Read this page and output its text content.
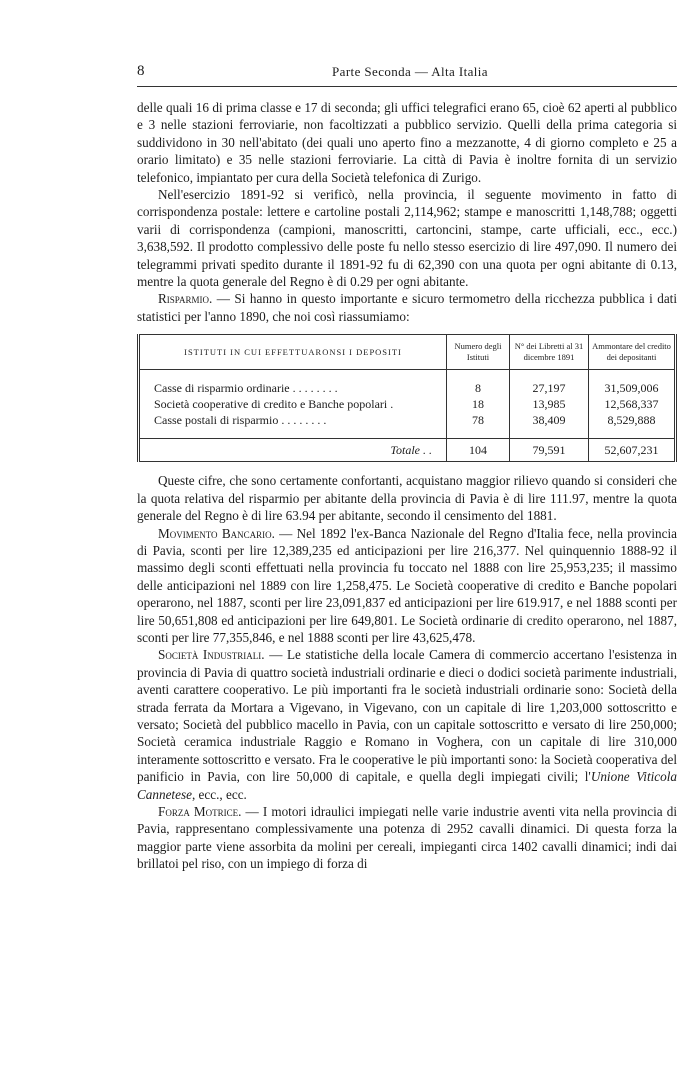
8	Parte Seconda — Alta Italia

delle quali 16 di prima classe e 17 di seconda; gli uffici telegrafici erano 65, cioè 62 aperti al pubblico e 3 nelle stazioni ferroviarie, non facoltizzati a pubblico servizio. Quelli della prima categoria si suddividono in 30 nell'abitato (dei quali uno aperto fino a mezzanotte, 4 di giorno completo e 25 a orario limitato) e 35 nelle stazioni ferroviarie. La città di Pavia è inoltre fornita di un servizio telefonico, impiantato per cura della Società telefonica di Zurigo.

Nell'esercizio 1891-92 si verificò, nella provincia, il seguente movimento in fatto di corrispondenza postale: lettere e cartoline postali 2,114,962; stampe e manoscritti 1,148,788; oggetti varii di corrispondenza (campioni, manoscritti, cartoncini, stampe, carte ufficiali, ecc., ecc.) 3,638,592. Il prodotto complessivo delle poste fu nello stesso esercizio di lire 497,090. Il numero dei telegrammi privati spedito durante il 1891-92 fu di 62,390 con una quota per ogni abitante di 0.13, mentre la quota generale del Regno è di 0.29 per ogni abitante.

Risparmio. — Si hanno in questo importante e sicuro termometro della ricchezza pubblica i dati statistici per l'anno 1890, che noi così riassumiamo:

ISTITUTI IN CUI EFFETTUARONSI I DEPOSITI	Numero degli Istituti	N° dei Libretti al 31 dicembre 1891	Ammontare del credito dei depositanti

Casse di risparmio ordinarie . . . . . . . .	8	27,197	31,509,006
Società cooperative di credito e Banche popolari .	18	13,985	12,568,337
Casse postali di risparmio . . . . . . . .	78	38,409	8,529,888

Totale . .	104	79,591	52,607,231

Queste cifre, che sono certamente confortanti, acquistano maggior rilievo quando si consideri che la quota relativa del risparmio per abitante della provincia di Pavia è di lire 111.97, mentre la quota generale del Regno è di lire 63.94 per abitante, secondo il censimento del 1881.

Movimento Bancario. — Nel 1892 l'ex-Banca Nazionale del Regno d'Italia fece, nella provincia di Pavia, sconti per lire 12,389,235 ed anticipazioni per lire 216,377. Nel quinquennio 1888-92 il massimo degli sconti effettuati nella provincia fu toccato nel 1888 con lire 25,953,235; il massimo delle anticipazioni nel 1889 con lire 1,258,475. Le Società cooperative di credito e Banche popolari operarono, nel 1887, sconti per lire 23,091,837 ed anticipazioni per lire 619.917, e nel 1888 sconti per lire 50,651,808 ed anticipazioni per lire 649,801. Le Società ordinarie di credito operarono, nel 1887, sconti per lire 77,355,846, e nel 1888 sconti per lire 43,625,478.

Società Industriali. — Le statistiche della locale Camera di commercio accertano l'esistenza in provincia di Pavia di quattro società industriali ordinarie e dieci o dodici società parimente industriali, aventi carattere cooperativo. Le più importanti fra le società industriali ordinarie sono: Società della strada ferrata da Mortara a Vigevano, in Vigevano, con un capitale di lire 1,203,000 sottoscritto e versato; Società del pubblico macello in Pavia, con un capitale sottoscritto e versato di lire 250,000; Società ceramica industriale Raggio e Romano in Voghera, con un capitale di lire 310,000 interamente sottoscritto e versato. Fra le cooperative le più importanti sono: la Società cooperativa del panificio in Pavia, con lire 50,000 di capitale, e quella degli impiegati civili; l'Unione Viticola Cannetese, ecc., ecc.

Forza Motrice. — I motori idraulici impiegati nelle varie industrie aventi vita nella provincia di Pavia, rappresentano complessivamente una potenza di 2952 cavalli dinamici. Di questa forza la maggior parte viene assorbita da molini per cereali, impieganti circa 1402 cavalli dinamici; indi dai brillatoi pel riso, con un impiego di forza di
